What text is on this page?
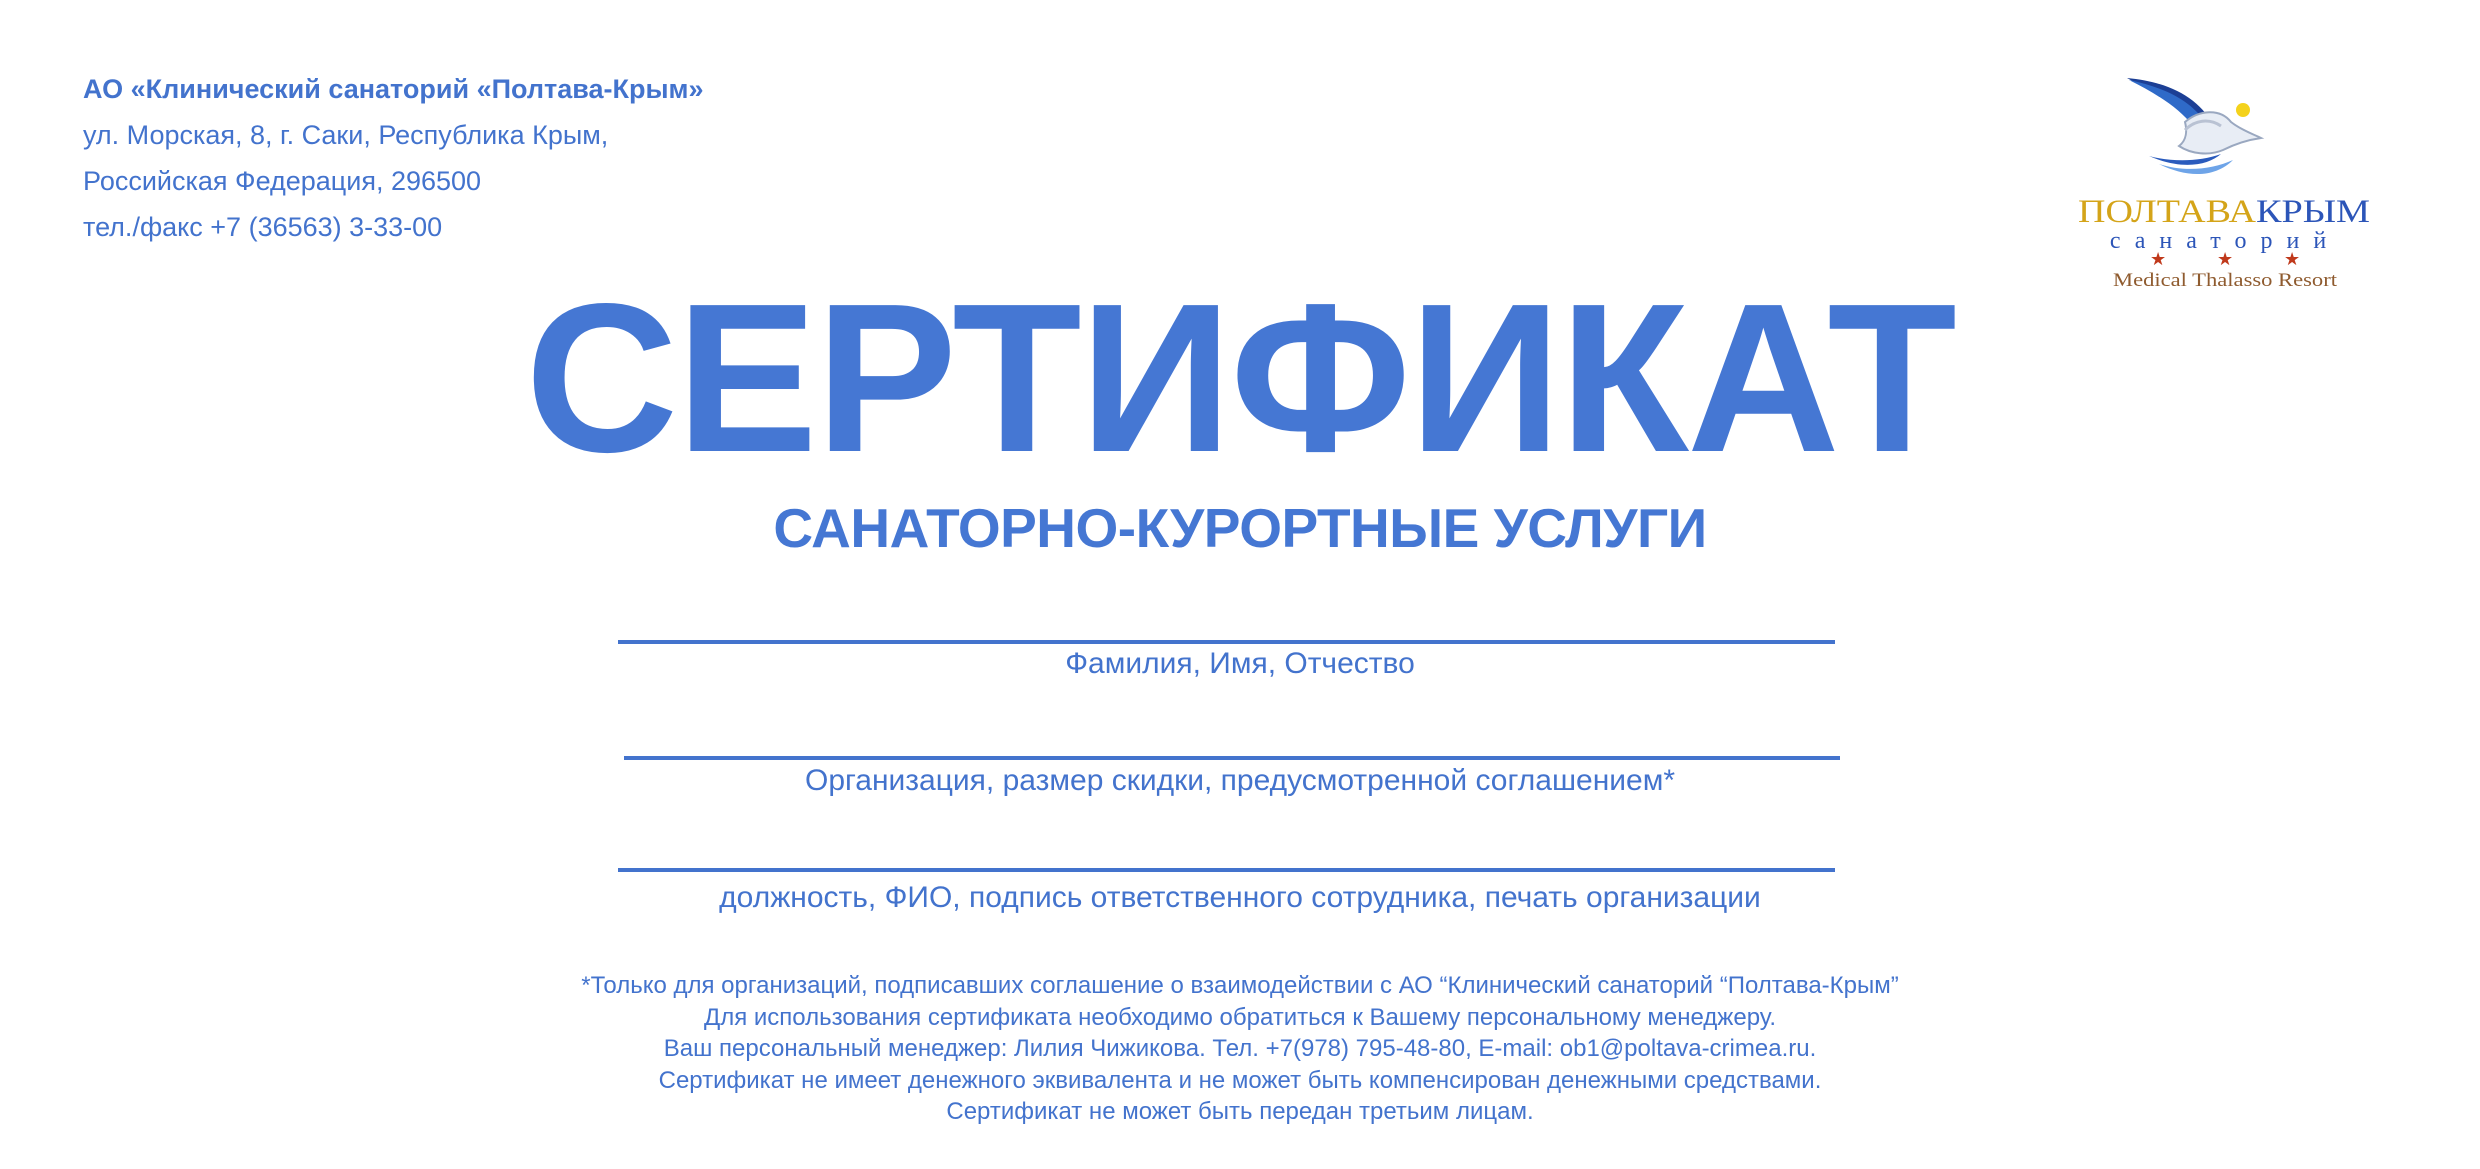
АО «Клинический санаторий «Полтава-Крым»
ул. Морская, 8, г. Саки, Республика Крым,
Российская Федерация, 296500
тел./факс +7 (36563) 3-33-00	ПОЛТАВА КРЫМ
санаторий
★	★	★
Medical Thalasso Resort
СЕРТИФИКАТ
САНАТОРНО-КУРОРТНЫЕ УСЛУГИ
Фамилия, Имя, Отчество
Организация, размер скидки, предусмотренной соглашением*
должность, ФИО, подпись ответственного сотрудника, печать организации
*Только для организаций, подписавших соглашение о взаимодействии с АО “Клинический санаторий “Полтава-Крым”
Для использования сертификата необходимо обратиться к Вашему персональному менеджеру.
Ваш персональный менеджер: Лилия Чижикова. Тел. +7(978) 795-48-80, E-mail: ob1@poltava-crimea.ru.
Сертификат не имеет денежного эквивалента и не может быть компенсирован денежными средствами.
Сертификат не может быть передан третьим лицам.
